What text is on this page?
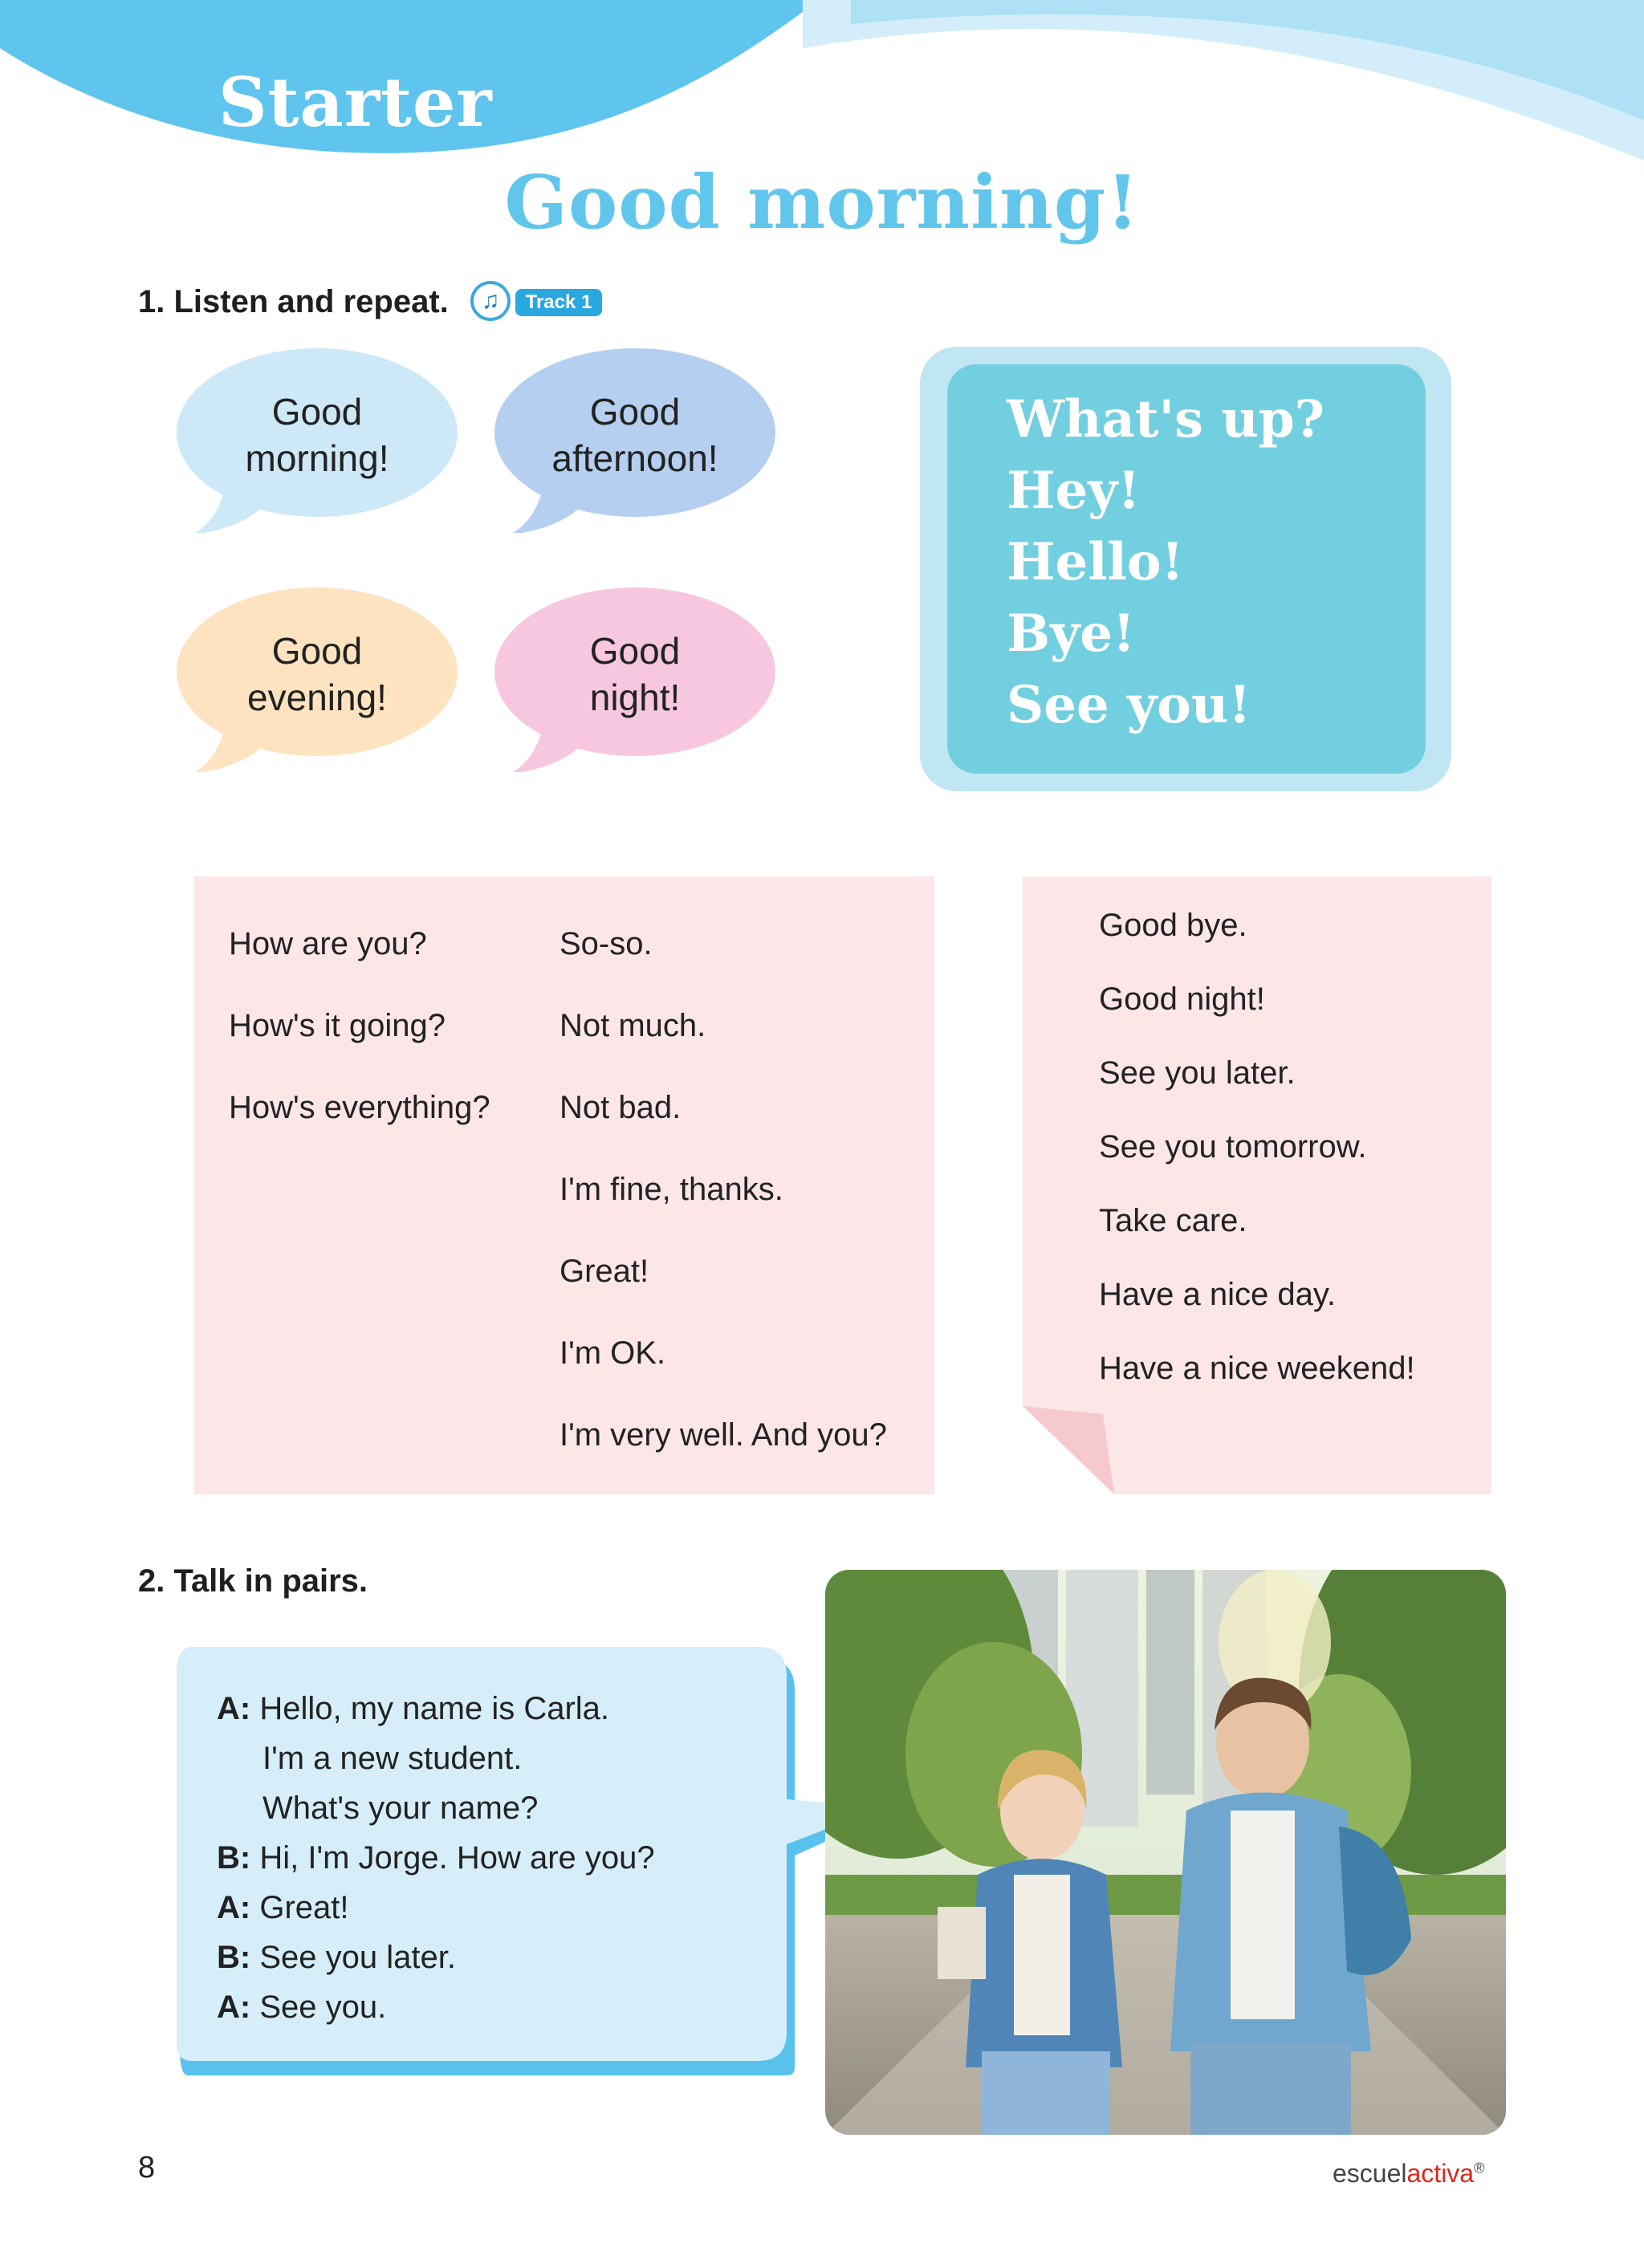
Starter
Good morning!
1. Listen and repeat.	♫	Track 1
Good
morning!
Good
afternoon!
Good
evening!
Good
night!
What's up?
Hey!
Hello!
Bye!
See you!
How are you?
How's it going?
How's everything?
So-so.
Not much.
Not bad.
I'm fine, thanks.
Great!
I'm OK.
I'm very well. And you?
Good bye.
Good night!
See you later.
See you tomorrow.
Take care.
Have a nice day.
Have a nice weekend!
2. Talk in pairs.
A: Hello, my name is Carla.
I'm a new student.
What's your name?
B: Hi, I'm Jorge. How are you?
A: Great!
B: See you later.
A: See you.
8	escuelactiva®
